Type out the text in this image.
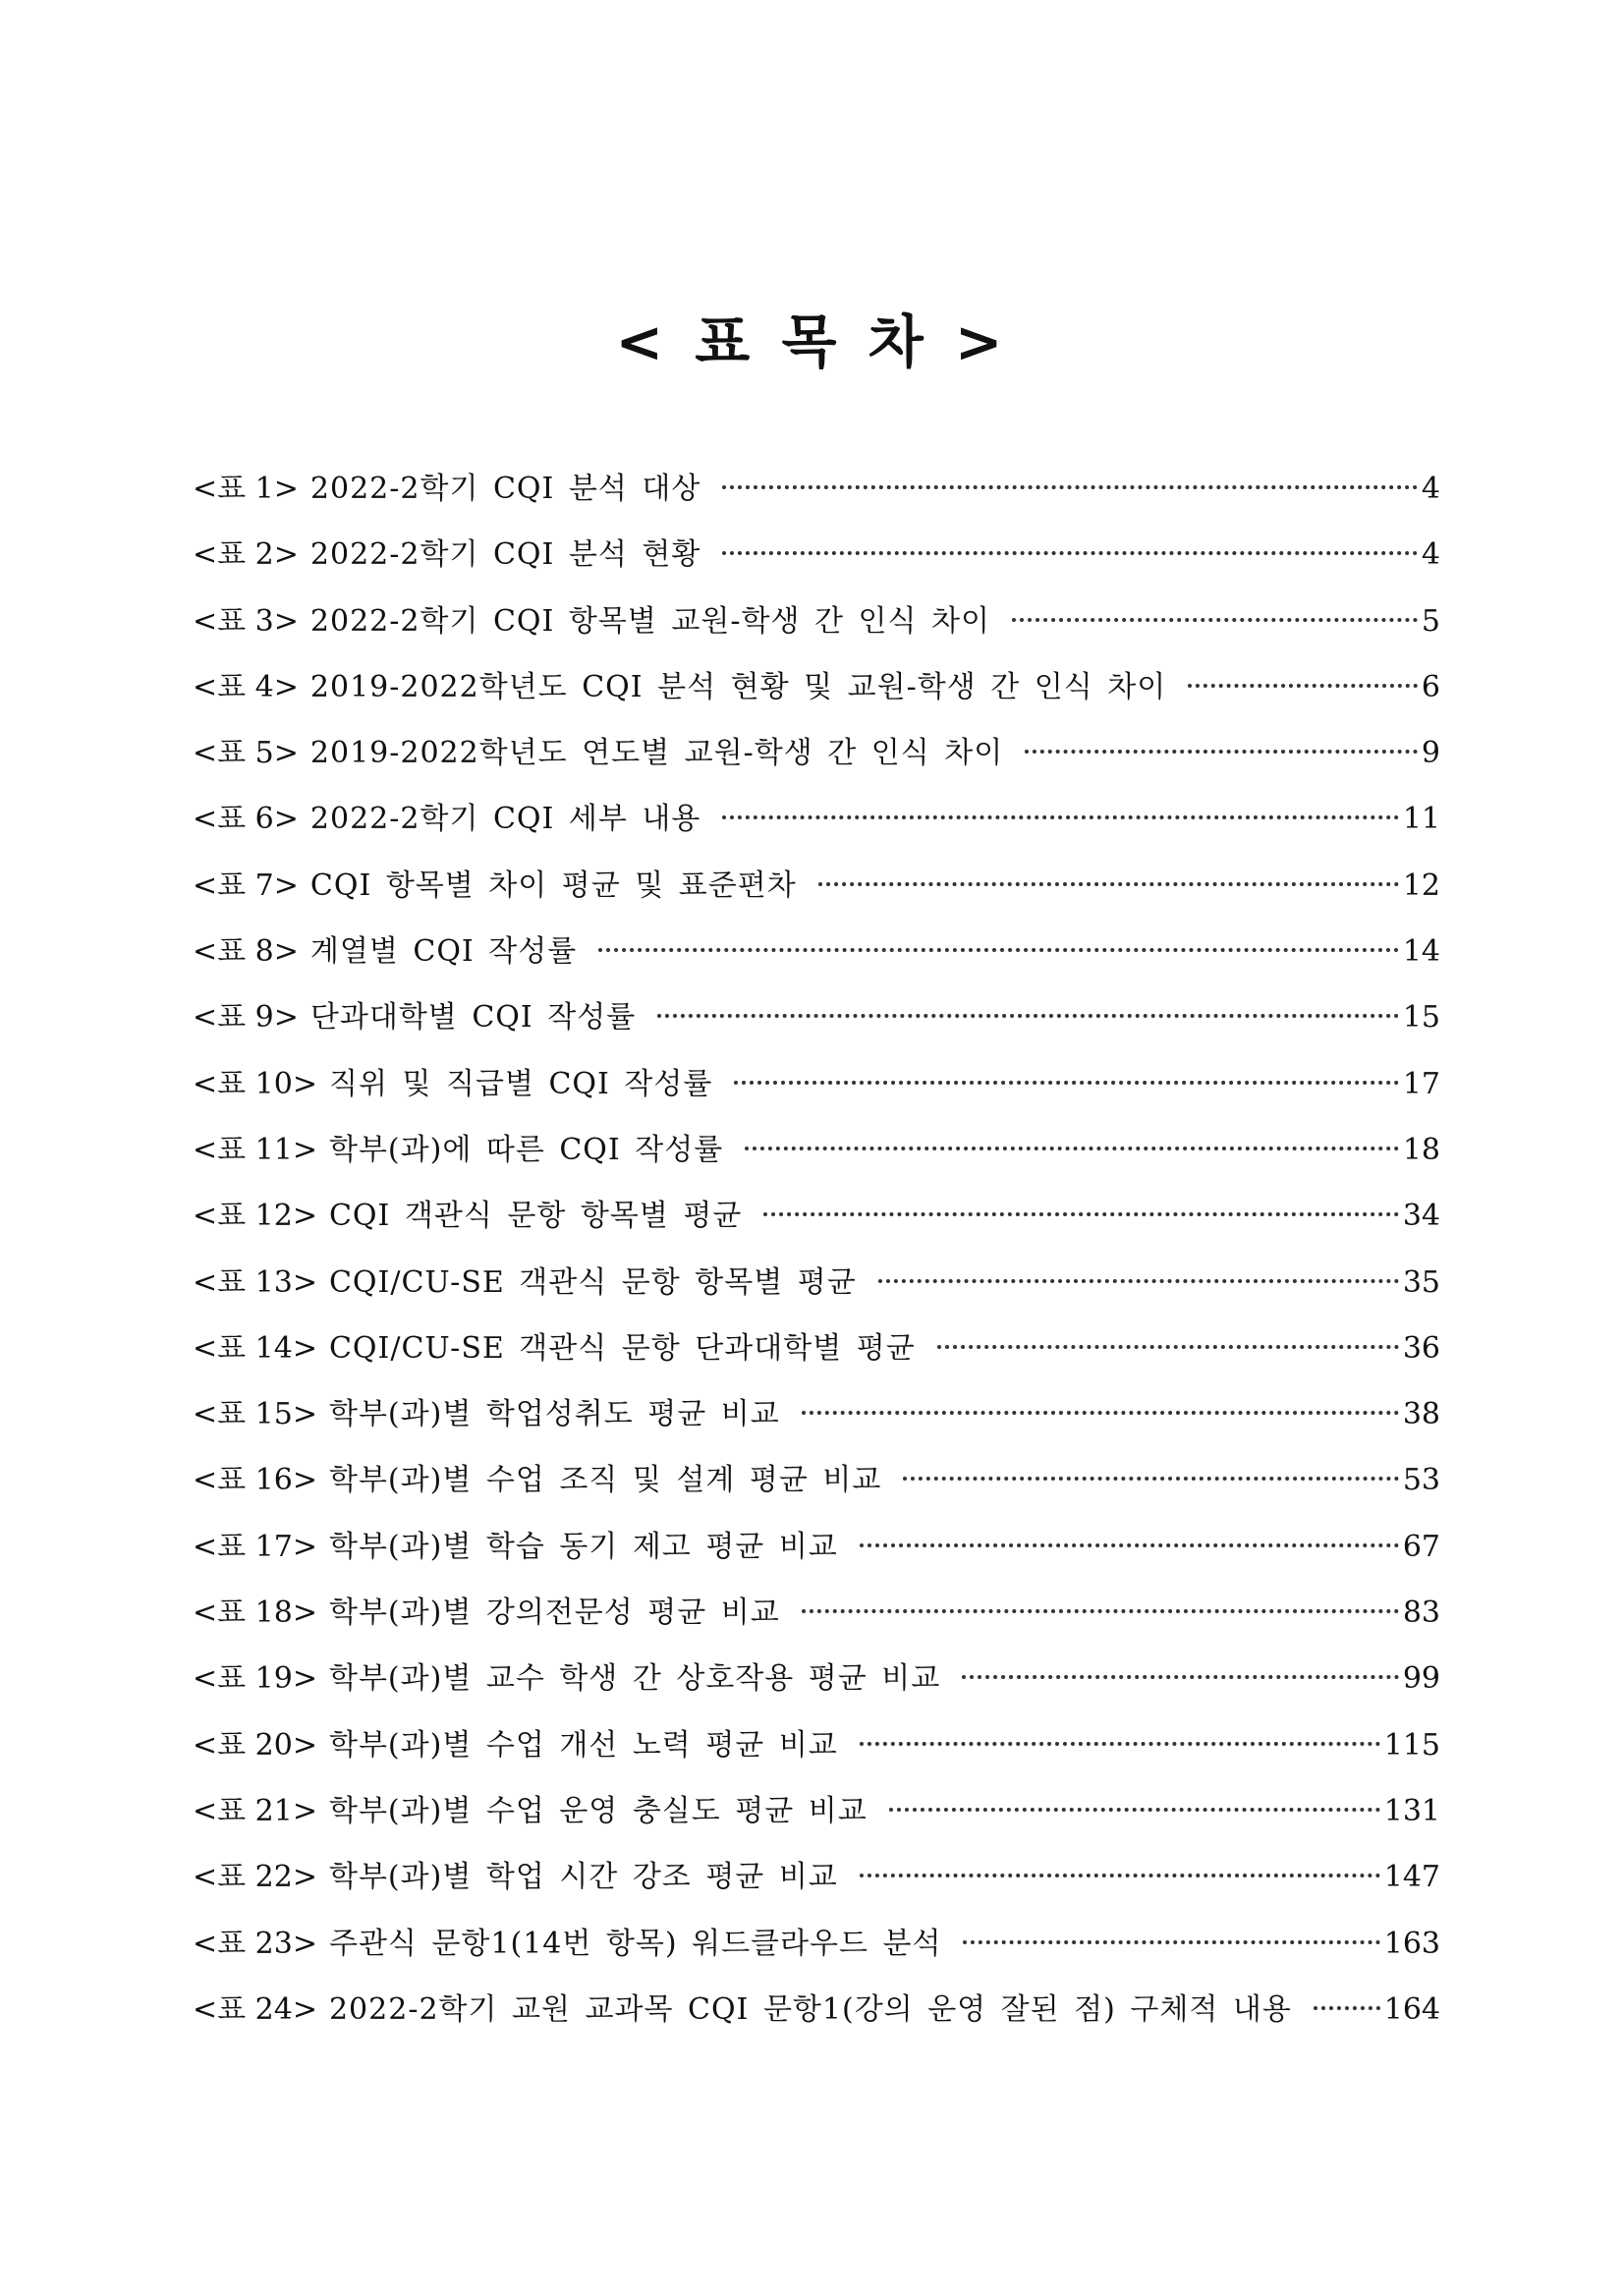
< 표 목 차 >
<표 1> 2022-2학기 CQI 분석 대상	4
<표 2> 2022-2학기 CQI 분석 현황	4
<표 3> 2022-2학기 CQI 항목별 교원-학생 간 인식 차이	5
<표 4> 2019-2022학년도 CQI 분석 현황 및 교원-학생 간 인식 차이	6
<표 5> 2019-2022학년도 연도별 교원-학생 간 인식 차이	9
<표 6> 2022-2학기 CQI 세부 내용	11
<표 7> CQI 항목별 차이 평균 및 표준편차	12
<표 8> 계열별 CQI 작성률	14
<표 9> 단과대학별 CQI 작성률	15
<표 10> 직위 및 직급별 CQI 작성률	17
<표 11> 학부(과)에 따른 CQI 작성률	18
<표 12> CQI 객관식 문항 항목별 평균	34
<표 13> CQI/CU-SE 객관식 문항 항목별 평균	35
<표 14> CQI/CU-SE 객관식 문항 단과대학별 평균	36
<표 15> 학부(과)별 학업성취도 평균 비교	38
<표 16> 학부(과)별 수업 조직 및 설계 평균 비교	53
<표 17> 학부(과)별 학습 동기 제고 평균 비교	67
<표 18> 학부(과)별 강의전문성 평균 비교	83
<표 19> 학부(과)별 교수 학생 간 상호작용 평균 비교	99
<표 20> 학부(과)별 수업 개선 노력 평균 비교	115
<표 21> 학부(과)별 수업 운영 충실도 평균 비교	131
<표 22> 학부(과)별 학업 시간 강조 평균 비교	147
<표 23> 주관식 문항1(14번 항목) 워드클라우드 분석	163
<표 24> 2022-2학기 교원 교과목 CQI 문항1(강의 운영 잘된 점) 구체적 내용	164
